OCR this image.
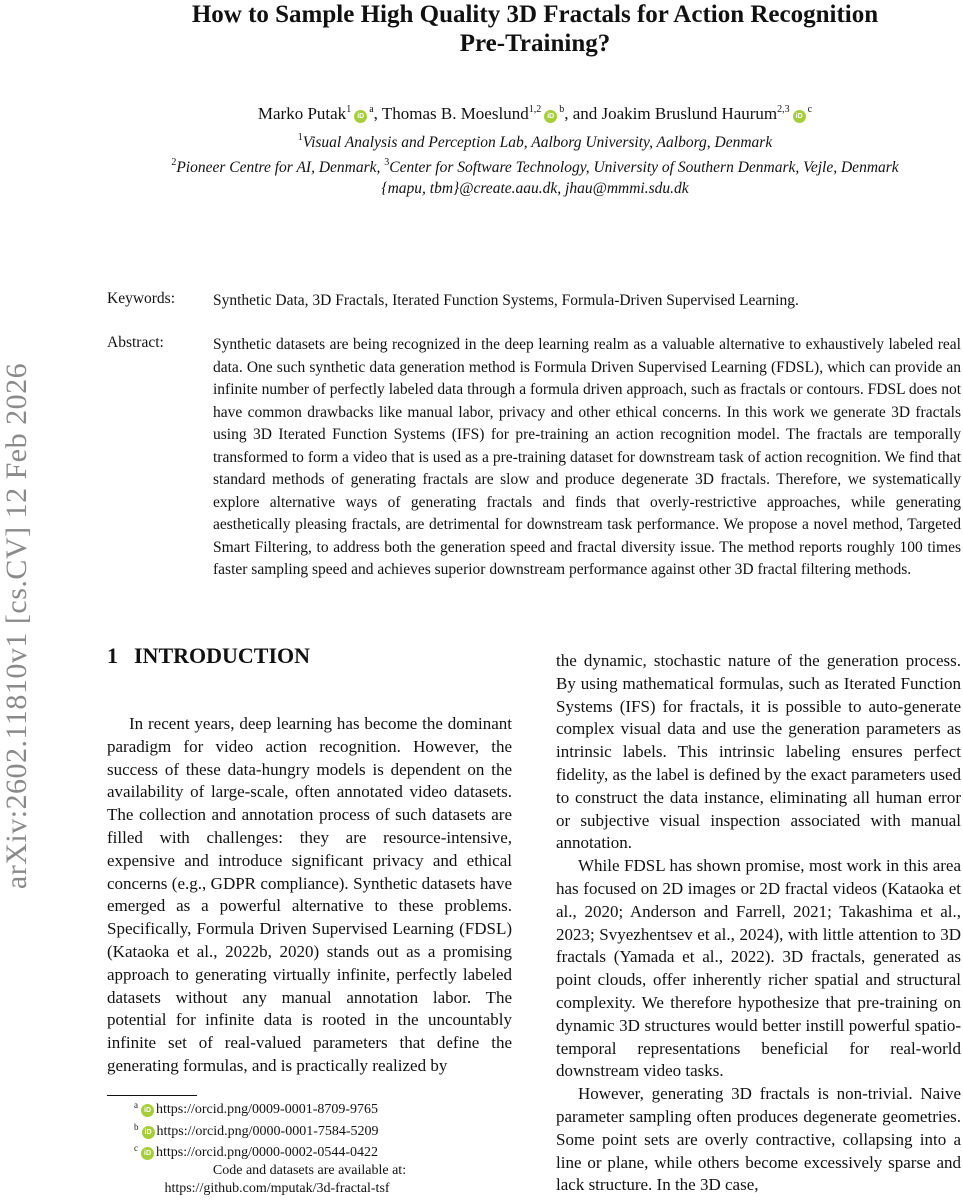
arXiv:2602.11810v1 [cs.CV] 12 Feb 2026
How to Sample High Quality 3D Fractals for Action Recognition
Pre-Training?
Marko $Putak^1iD^a$, Thomas B. $Moeslund^{1,2}iD^b$, and Joakim Bruslund $Haurum^{2,3}iD^c$
$^1$Visual Analysis and Perception Lab, Aalborg University, Aalborg, Denmark
$^2$Pioneer Centre for AI, Denmark, $^3$Center for Software Technology, University of Southern Denmark, Vejle, Denmark
{mapu, tbm}@create.aau.dk, jhau@mmmi.sdu.dk
Keywords: Synthetic Data, 3D Fractals, Iterated Function Systems, Formula-Driven Supervised Learning.
Abstract:	Synthetic datasets are being recognized in the deep learning realm as a valuable alternative to exhaustively labeled real data. One such synthetic data generation method is Formula Driven Supervised Learning (FDSL), which can provide an infinite number of perfectly labeled data through a formula driven approach, such as fractals or contours. FDSL does not have common drawbacks like manual labor, privacy and other ethical concerns. In this work we generate 3D fractals using 3D Iterated Function Systems (IFS) for pre-training an action recognition model. The fractals are temporally transformed to form a video that is used as a pre-training dataset for downstream task of action recognition. We find that standard methods of generating fractals are slow and produce degenerate 3D fractals. Therefore, we systematically explore alternative ways of generating fractals and finds that overly-restrictive approaches, while generating aesthetically pleasing fractals, are detrimental for downstream task performance. We propose a novel method, Targeted Smart Filtering, to address both the generation speed and fractal diversity issue. The method reports roughly 100 times faster sampling speed and achieves superior downstream performance against other 3D fractal filtering methods.
1 INTRODUCTION

In recent years, deep learning has become the dominant paradigm for video action recognition. However, the success of these data-hungry models is dependent on the availability of large-scale, often annotated video datasets. The collection and annotation process of such datasets are filled with challenges: they are resource-intensive, expensive and introduce significant privacy and ethical concerns (e.g., GDPR compliance). Synthetic datasets have emerged as a powerful alternative to these problems. Specifically, Formula Driven Supervised Learning (FDSL) (Kataoka et al., 2022b, 2020) stands out as a promising approach to generating virtually infinite, perfectly labeled datasets without any manual annotation labor. The potential for infinite data is rooted in the uncountably infinite set of real-valued parameters that define the generating formulas, and is practically realized by

the dynamic, stochastic nature of the generation process. By using mathematical formulas, such as Iterated Function Systems (IFS) for fractals, it is possible to auto-generate complex visual data and use the generation parameters as intrinsic labels. This intrinsic labeling ensures perfect fidelity, as the label is defined by the exact parameters used to construct the data instance, eliminating all human error or subjective visual inspection associated with manual annotation.

While FDSL has shown promise, most work in this area has focused on 2D images or 2D fractal videos (Kataoka et al., 2020; Anderson and Farrell, 2021; Takashima et al., 2023; Svyezhentsev et al., 2024), with little attention to 3D fractals (Yamada et al., 2022). 3D fractals, generated as point clouds, offer inherently richer spatial and structural complexity. We therefore hypothesize that pre-training on dynamic 3D structures would better instill powerful spatio-temporal representations beneficial for real-world downstream video tasks.

However, generating 3D fractals is non-trivial. Naive parameter sampling often produces degenerate geometries. Some point sets are overly contractive, collapsing into a line or plane, while others become excessively sparse and lack structure. In the 3D case,

$^a$iD https://orcid.png/0009-0001-8709-9765
$^b$iD https://orcid.png/0000-0001-7584-5209
$^c$iD https://orcid.png/0000-0002-0544-0422
Code and datasets are available at:
https://github.com/mputak/3d-fractal-tsf
